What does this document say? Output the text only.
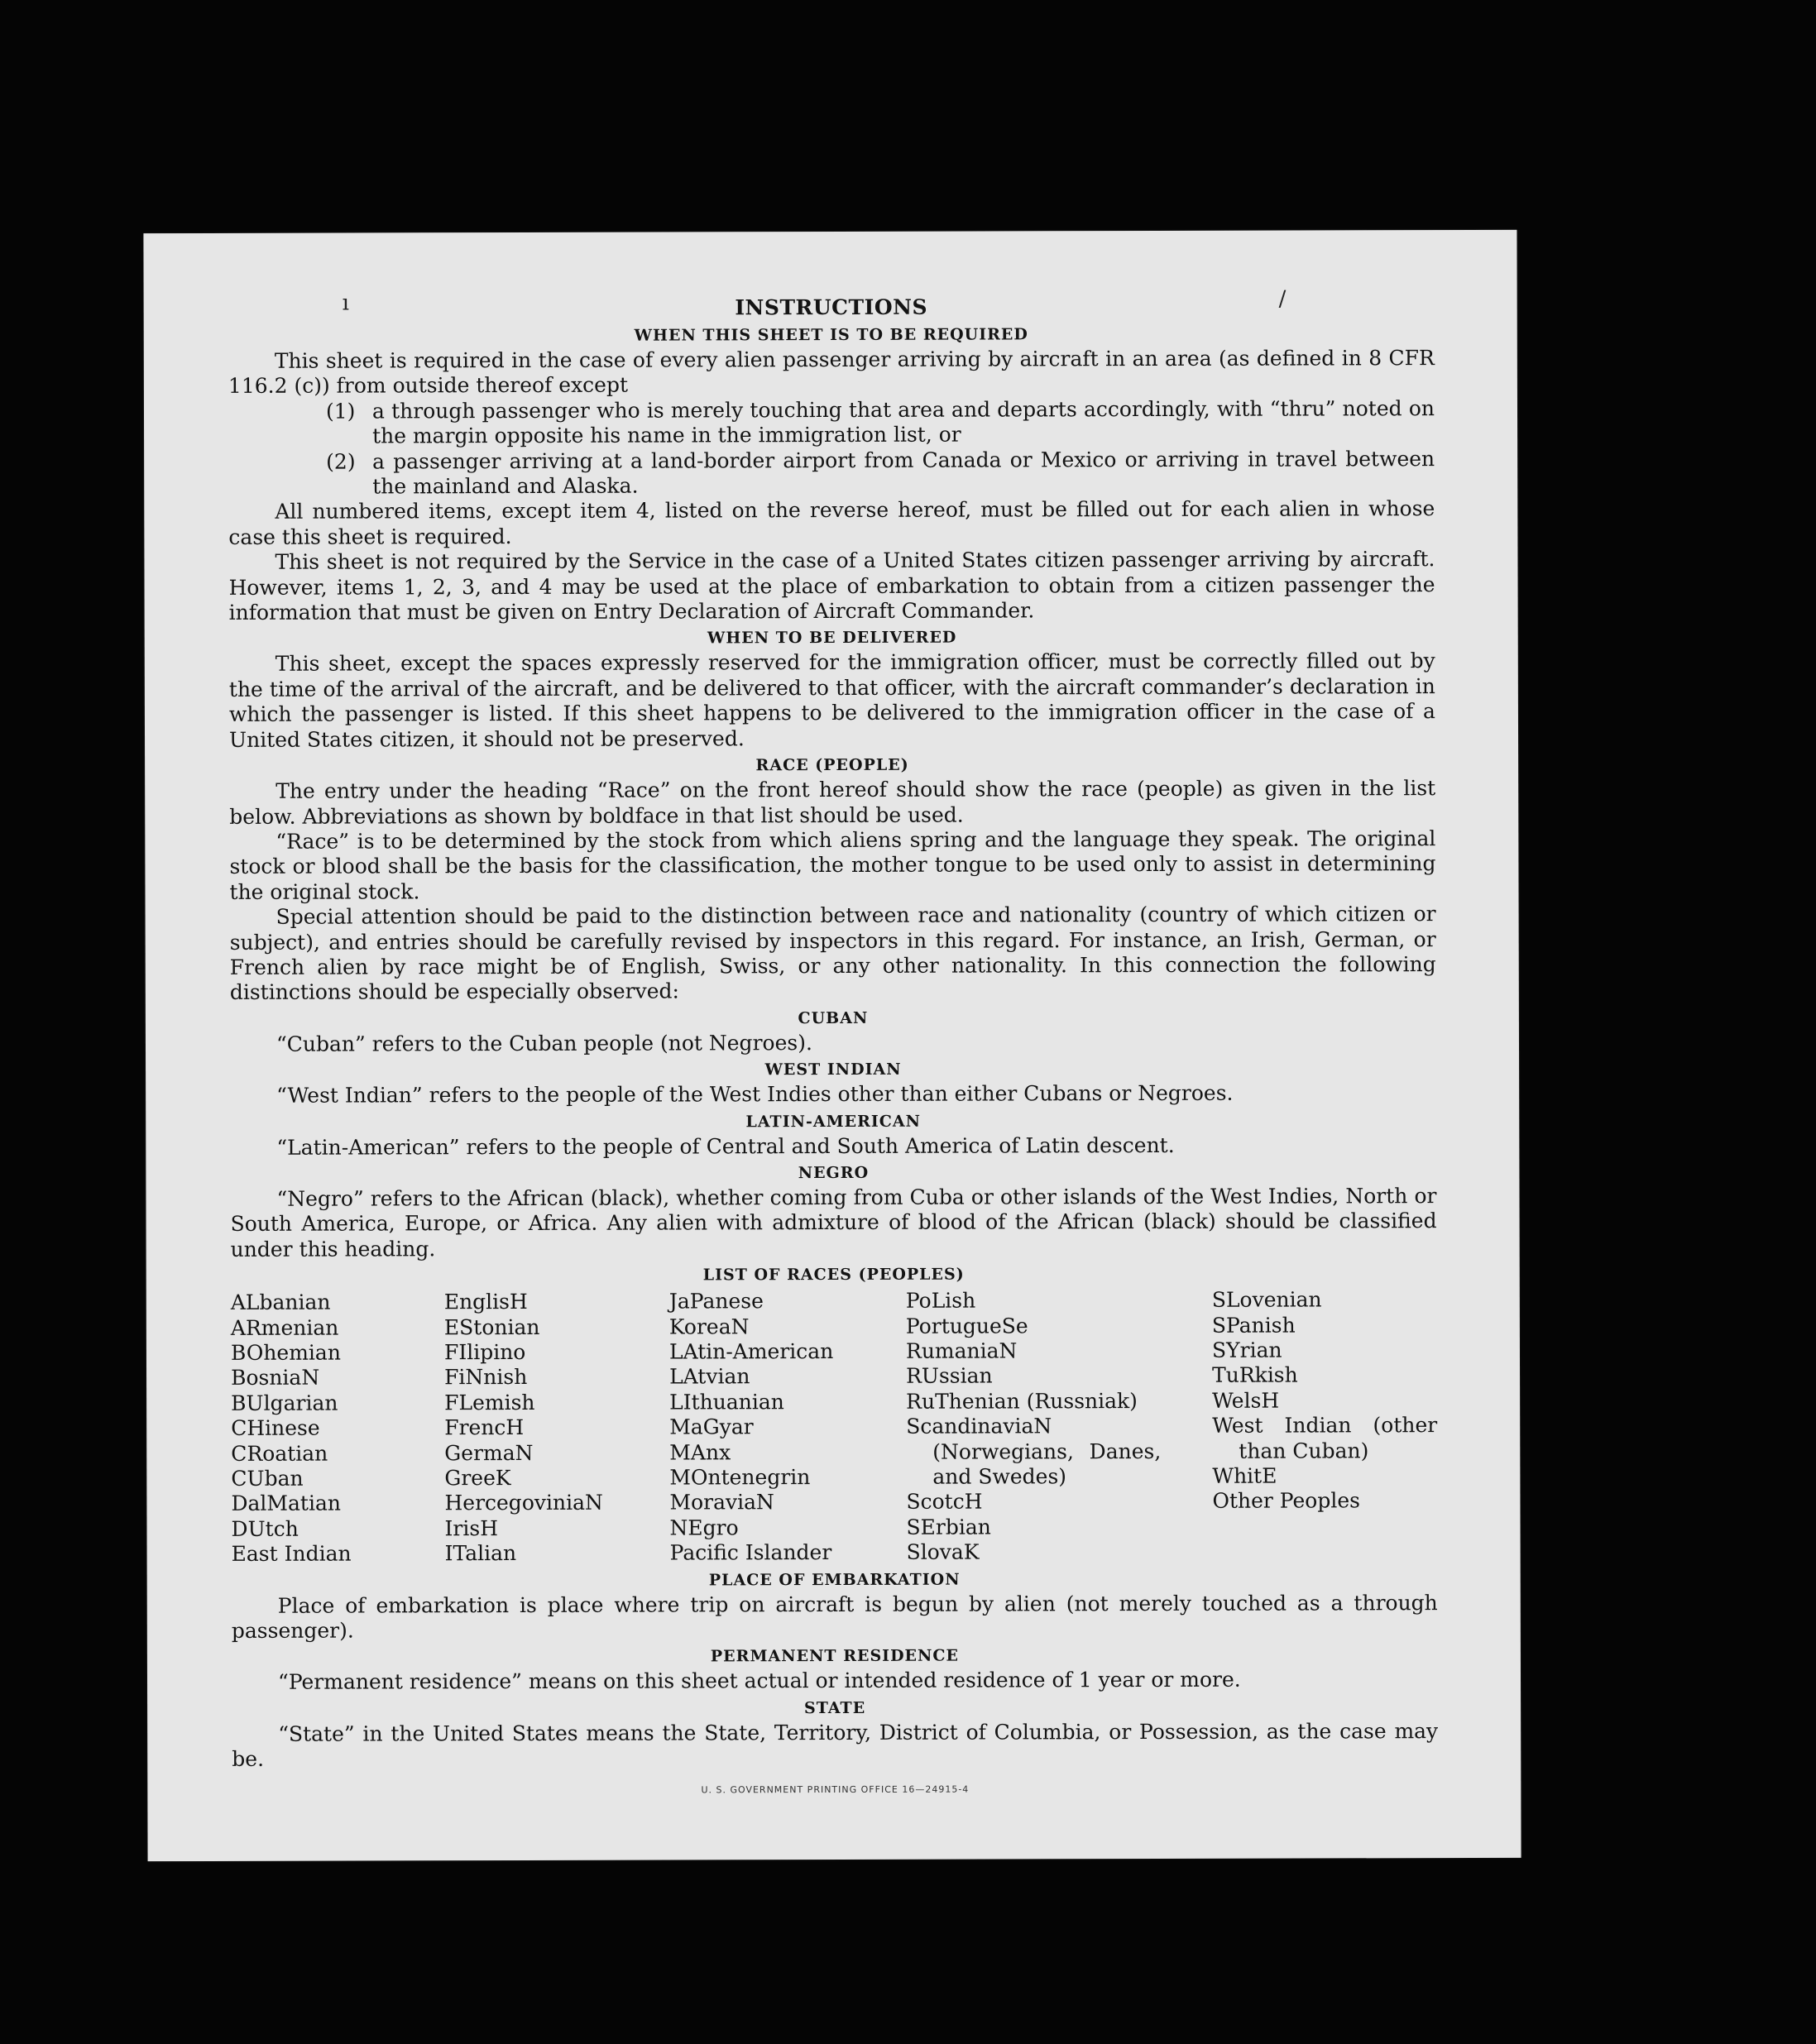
ı	/
INSTRUCTIONS
WHEN THIS SHEET IS TO BE REQUIRED

This sheet is required in the case of every alien passenger arriving by aircraft in an area (as defined in 8 CFR 116.2 (c)) from outside thereof except

(1) a through passenger who is merely touching that area and departs accordingly, with “thru” noted on the margin opposite his name in the immigration list, or
(2) a passenger arriving at a land-border airport from Canada or Mexico or arriving in travel between the mainland and Alaska.

All numbered items, except item 4, listed on the reverse hereof, must be filled out for each alien in whose case this sheet is required.

This sheet is not required by the Service in the case of a United States citizen passenger arriving by aircraft. However, items 1, 2, 3, and 4 may be used at the place of embarkation to obtain from a citizen passenger the information that must be given on Entry Declaration of Aircraft Commander.

WHEN TO BE DELIVERED

This sheet, except the spaces expressly reserved for the immigration officer, must be correctly filled out by the time of the arrival of the aircraft, and be delivered to that officer, with the aircraft commander’s declaration in which the passenger is listed. If this sheet happens to be delivered to the immigration officer in the case of a United States citizen, it should not be preserved.

RACE (PEOPLE)

The entry under the heading “Race” on the front hereof should show the race (people) as given in the list below. Abbreviations as shown by boldface in that list should be used.

“Race” is to be determined by the stock from which aliens spring and the language they speak. The original stock or blood shall be the basis for the classification, the mother tongue to be used only to assist in determining the original stock.

Special attention should be paid to the distinction between race and nationality (country of which citizen or subject), and entries should be carefully revised by inspectors in this regard. For instance, an Irish, German, or French alien by race might be of English, Swiss, or any other nationality. In this connection the following distinctions should be especially observed:

CUBAN

“Cuban” refers to the Cuban people (not Negroes).

WEST INDIAN

“West Indian” refers to the people of the West Indies other than either Cubans or Negroes.

LATIN-AMERICAN

“Latin-American” refers to the people of Central and South America of Latin descent.

NEGRO

“Negro” refers to the African (black), whether coming from Cuba or other islands of the West Indies, North or South America, Europe, or Africa. Any alien with admixture of blood of the African (black) should be classified under this heading.

LIST OF RACES (PEOPLES)
ALbanian
ARmenian
BOhemian
BosniaN
BUlgarian
CHinese
CRoatian
CUban
DalMatian
DUtch
East Indian
EnglisH
EStonian
FIlipino
FiNnish
FLemish
FrencH
GermaN
GreeK
HercegoviniaN
IrisH
ITalian
JaPanese
KoreaN
LAtin-American
LAtvian
LIthuanian
MaGyar
MAnx
MOntenegrin
MoraviaN
NEgro
Pacific Islander
PoLish
PortugueSe
RumaniaN
RUssian
RuThenian (Russniak)
ScandinaviaN (Norwegians, Danes, and Swedes)
ScotcH
SErbian
SlovaK
SLovenian
SPanish
SYrian
TuRkish
WelsH
West Indian (other than Cuban)
WhitE
Other Peoples
PLACE OF EMBARKATION

Place of embarkation is place where trip on aircraft is begun by alien (not merely touched as a through passenger).

PERMANENT RESIDENCE

“Permanent residence” means on this sheet actual or intended residence of 1 year or more.

STATE

“State” in the United States means the State, Territory, District of Columbia, or Possession, as the case may be.

U. S. GOVERNMENT PRINTING OFFICE 16—24915-4
